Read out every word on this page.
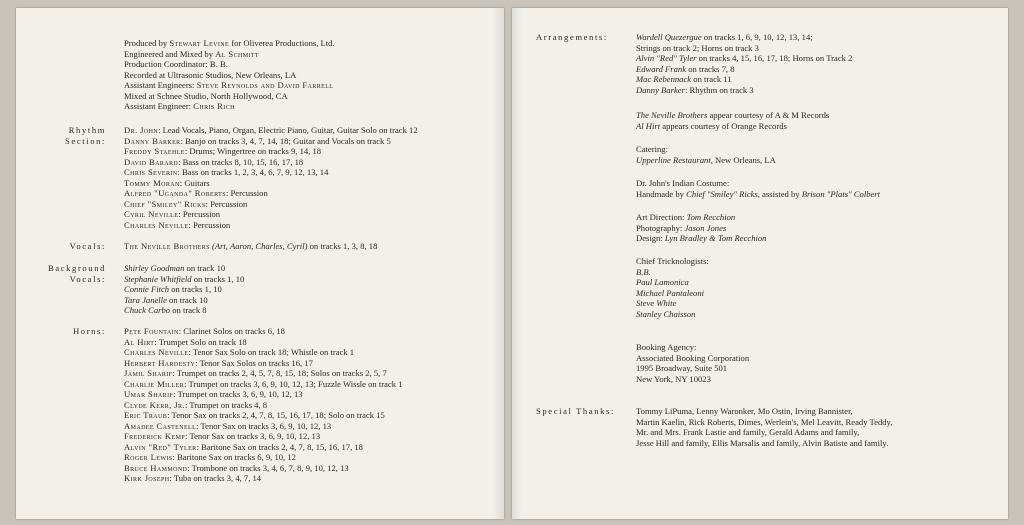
Produced by Stewart Levine for Oliverea Productions, Ltd.
Engineered and Mixed by Al Schmitt
Production Coordinator: B. B.
Recorded at Ultrasonic Studios, New Orleans, LA
Assistant Engineers: Steve Reynolds and David Farrell
Mixed at Schnee Studio, North Hollywood, CA
Assistant Engineer: Chris Rich
Rhythm
Section:
Dr. John: Lead Vocals, Piano, Organ, Electric Piano, Guitar, Guitar Solo on track 12
Danny Barker: Banjo on tracks 3, 4, 7, 14, 18; Guitar and Vocals on track 5
Freddy Staehle: Drums; Wingertree on tracks 9, 14, 18
David Barard: Bass on tracks 8, 10, 15, 16, 17, 18
Chris Severin: Bass on tracks 1, 2, 3, 4, 6, 7, 9, 12, 13, 14
Tommy Moran: Guitars
Alfred "Uganda" Roberts: Percussion
Chief "Smiley" Ricks: Percussion
Cyril Neville: Percussion
Charles Neville: Percussion
Vocals: The Neville Brothers (Art, Aaron, Charles, Cyril) on tracks 1, 3, 8, 18
Background
Vocals:
Shirley Goodman on track 10
Stephanie Whitfield on tracks 1, 10
Connie Fitch on tracks 1, 10
Tara Janelle on track 10
Chuck Carbo on track 8
Horns: Pete Fountain: Clarinet Solos on tracks 6, 18
Al Hirt: Trumpet Solo on track 18
Charles Neville: Tenor Sax Solo on track 18; Whistle on track 1
Herbert Hardesty: Tenor Sax Solos on tracks 16, 17
Jamil Sharif: Trumpet on tracks 2, 4, 5, 7, 8, 15, 18; Solos on tracks 2, 5, 7
Charlie Miller: Trumpet on tracks 3, 6, 9, 10, 12, 13; Fuzzle Wissle on track 1
Umar Sharif: Trumpet on tracks 3, 6, 9, 10, 12, 13
Clyde Kerr, Jr.: Trumpet on tracks 4, 8
Eric Traub: Tenor Sax on tracks 2, 4, 7, 8, 15, 16, 17, 18; Solo on track 15
Amadee Castenell: Tenor Sax on tracks 3, 6, 9, 10, 12, 13
Frederick Kemp: Tenor Sax on tracks 3, 6, 9, 10, 12, 13
Alvin "Red" Tyler: Baritone Sax on tracks 2, 4, 7, 8, 15, 16, 17, 18
Roger Lewis: Baritone Sax on tracks 6, 9, 10, 12
Bruce Hammond: Trombone on tracks 3, 4, 6, 7, 8, 9, 10, 12, 13
Kirk Joseph: Tuba on tracks 3, 4, 7, 14
Arrangements:	Wardell Quezergue on tracks 1, 6, 9, 10, 12, 13, 14;
Strings on track 2; Horns on track 3
Alvin "Red" Tyler on tracks 4, 15, 16, 17, 18; Horns on Track 2
Edward Frank on tracks 7, 8
Mac Rebennack on track 11
Danny Barker: Rhythm on track 3
The Neville Brothers appear courtesy of A & M Records
Al Hirt appears courtesy of Orange Records
Catering:
Upperline Restaurant, New Orleans, LA
Dr. John's Indian Costume:
Handmade by Chief "Smiley" Ricks, assisted by Brison "Plats" Colbert
Art Direction: Tom Recchion
Photography: Jason Jones
Design: Lyn Bradley & Tom Recchion
Chief Tricknologists:
B.B.
Paul Lamonica
Michael Pantaleoni
Steve White
Stanley Chaisson
Booking Agency:
Associated Booking Corporation
1995 Broadway, Suite 501
New York, NY 10023
Special Thanks: Tommy LiPuma, Lenny Waronker, Mo Ostin, Irving Bannister,
Martin Kaelin, Rick Roberts, Dimes, Werlein's, Mel Leavitt, Ready Teddy,
Mr. and Mrs. Frank Lastie and family, Gerald Adams and family,
Jesse Hill and family, Ellis Marsalis and family, Alvin Batiste and family.
